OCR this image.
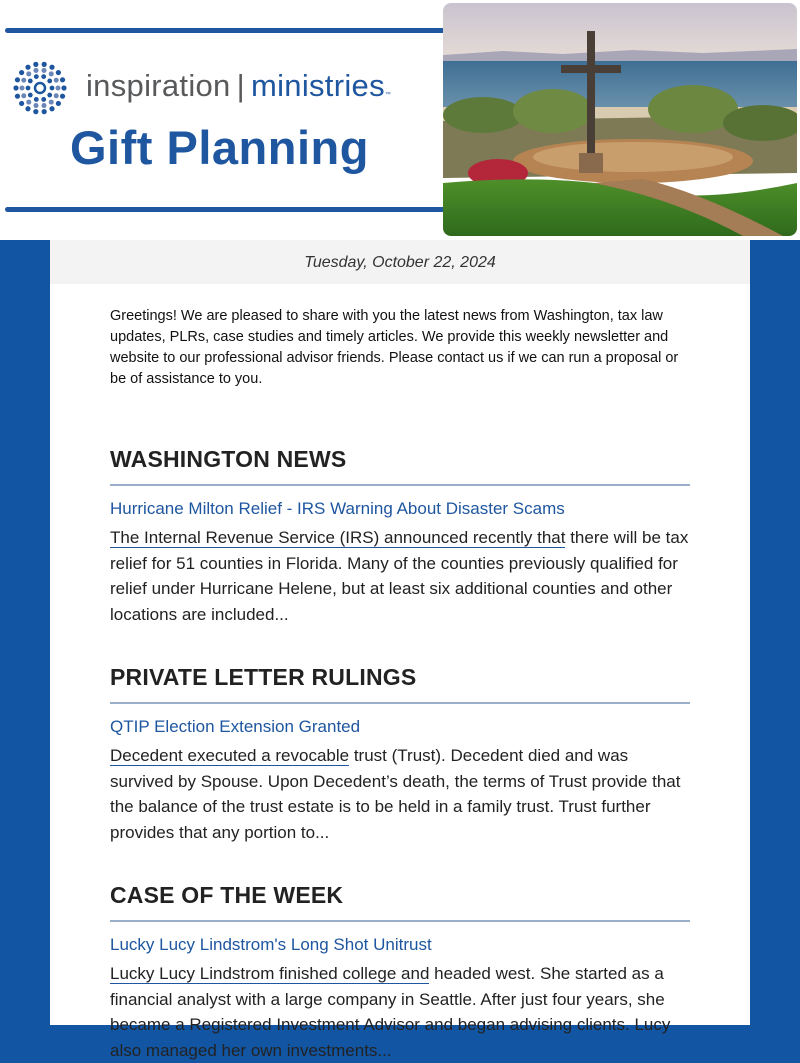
inspiration | ministries™
Gift Planning
Tuesday, October 22, 2024

Greetings! We are pleased to share with you the latest news from Washington, tax law updates, PLRs, case studies and timely articles. We provide this weekly newsletter and website to our professional advisor friends. Please contact us if we can run a proposal or be of assistance to you.

WASHINGTON NEWS
Hurricane Milton Relief - IRS Warning About Disaster Scams
The Internal Revenue Service (IRS) announced recently that there will be tax relief for 51 counties in Florida. Many of the counties previously qualified for relief under Hurricane Helene, but at least six additional counties and other locations are included...
PRIVATE LETTER RULINGS
QTIP Election Extension Granted
Decedent executed a revocable trust (Trust). Decedent died and was survived by Spouse. Upon Decedent’s death, the terms of Trust provide that the balance of the trust estate is to be held in a family trust. Trust further provides that any portion to...
CASE OF THE WEEK
Lucky Lucy Lindstrom's Long Shot Unitrust
Lucky Lucy Lindstrom finished college and headed west. She started as a financial analyst with a large company in Seattle. After just four years, she became a Registered Investment Advisor and began advising clients. Lucy also managed her own investments...
